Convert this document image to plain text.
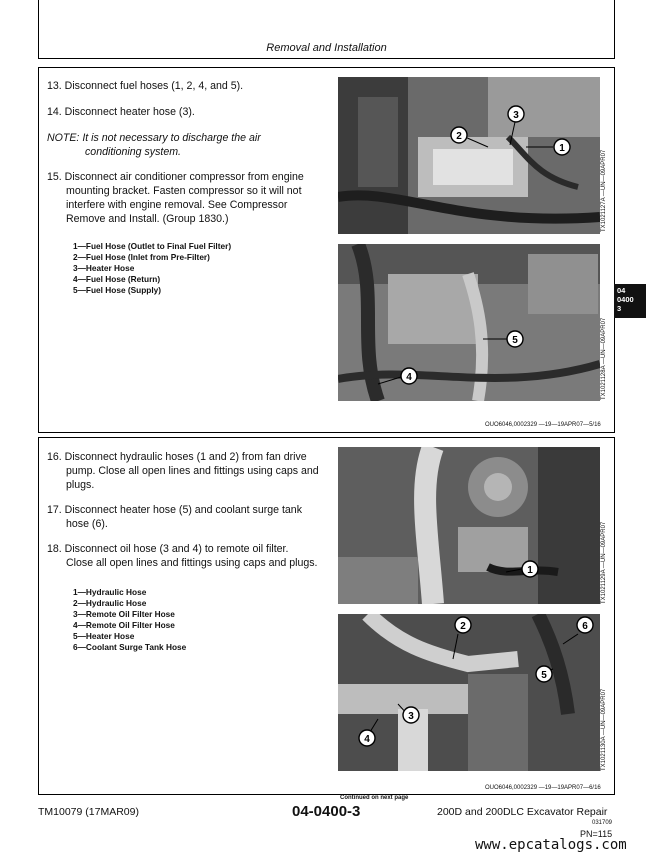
Removal and Installation
13. Disconnect fuel hoses (1, 2, 4, and 5).
14. Disconnect heater hose (3).
NOTE: It is not necessary to discharge the air
conditioning system.
15. Disconnect air conditioner compressor from engine
mounting bracket. Fasten compressor so it will not
interfere with engine removal. See Compressor
Remove and Install. (Group 1830.)
1—Fuel Hose (Outlet to Final Fuel Filter)
2—Fuel Hose (Inlet from Pre-Filter)
3—Heater Hose
4—Fuel Hose (Return)
5—Fuel Hose (Supply)
2
3
1
TX1021127A —UN—09APR07
5
4	TX1021128A —UN—09APR07
OUO6046,0002329 —19—19APR07—5/16
04
0400
3
16. Disconnect hydraulic hoses (1 and 2) from fan drive
pump. Close all open lines and fittings using caps and
plugs.
17. Disconnect heater hose (5) and coolant surge tank
hose (6).
18. Disconnect oil hose (3 and 4) to remote oil filter.
Close all open lines and fittings using caps and plugs.
1—Hydraulic Hose
2—Hydraulic Hose
3—Remote Oil Filter Hose
4—Remote Oil Filter Hose
5—Heater Hose
6—Coolant Surge Tank Hose
1	TX1021129A —UN—09APR07
2	6
5
3
4	TX1021130A —UN—09APR07
Continued on next page
OUO6046,0002329 —19—19APR07—6/16
TM10079 (17MAR09)	04-0400-3	200D and 200DLC Excavator Repair
031709
PN=115
www.epcatalogs.com
